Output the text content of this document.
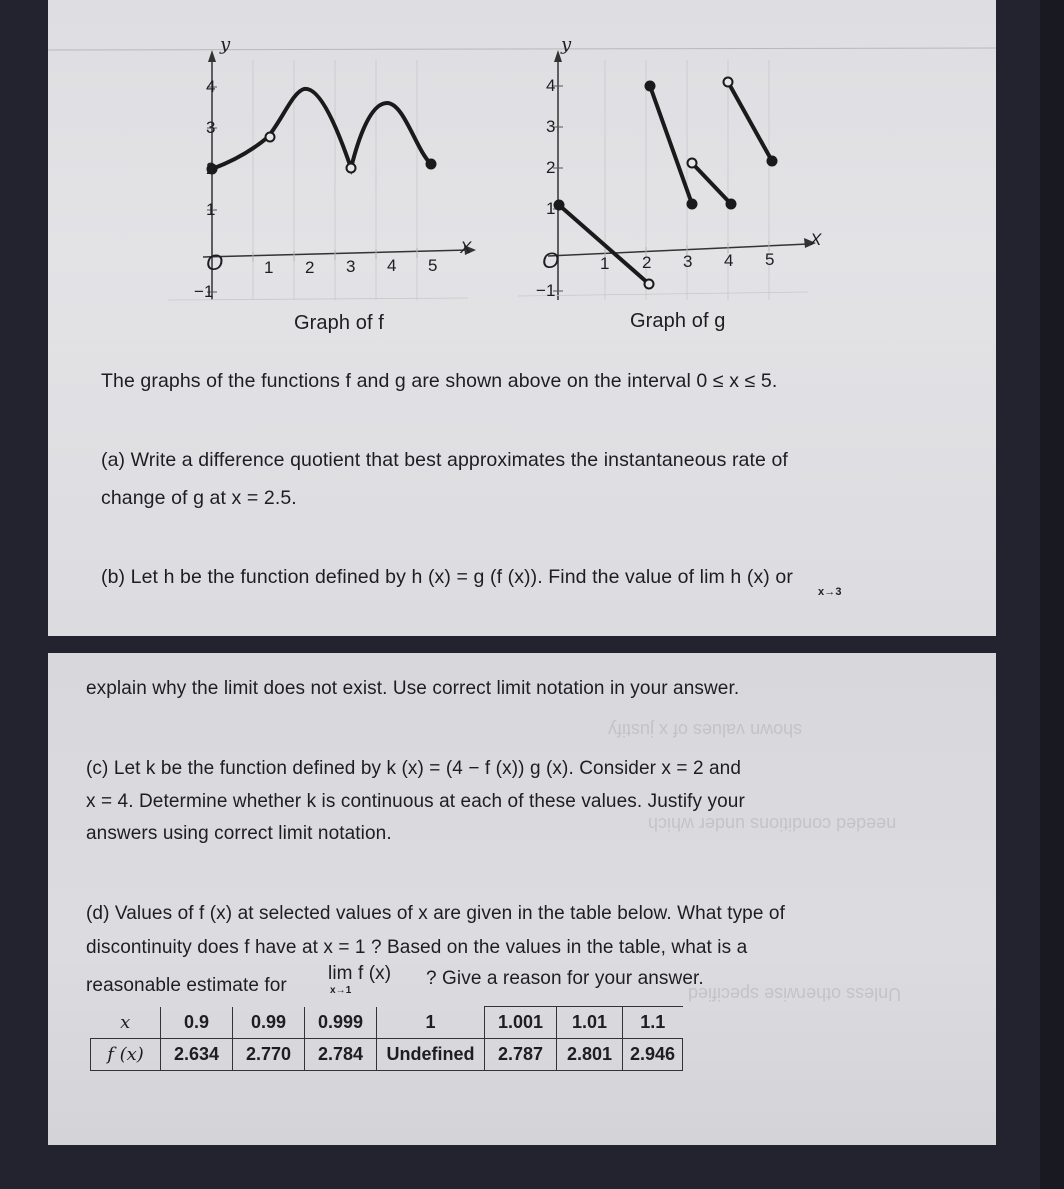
y
X
O 1 2 3 4 5
4
3
2
1
−1
Graph of f
y
X
O 1 2 3 4 5
4
3
2
1
−1
Graph of g
The graphs of the functions f and g are shown above on the interval 0 ≤ x ≤ 5.
(a) Write a difference quotient that best approximates the instantaneous rate of
change of g at x = 2.5.
(b) Let h be the function defined by h (x) = g (f (x)). Find the value of lim h (x) or
x→3
shown values of x justify
needed conditions under which
Unless otherwise specified
explain why the limit does not exist. Use correct limit notation in your answer.
(c) Let k be the function defined by k (x) = (4 − f (x)) g (x). Consider x = 2 and
x = 4. Determine whether k is continuous at each of these values. Justify your
answers using correct limit notation.
(d) Values of f (x) at selected values of x are given in the table below. What type of
discontinuity does f have at x = 1 ? Based on the values in the table, what is a
reasonable estimate for
lim f (x)
x→1
? Give a reason for your answer.
x	0.9	0.99	0.999	1	1.001	1.01	1.1
f (x)	2.634	2.770	2.784	Undefined	2.787	2.801	2.946
